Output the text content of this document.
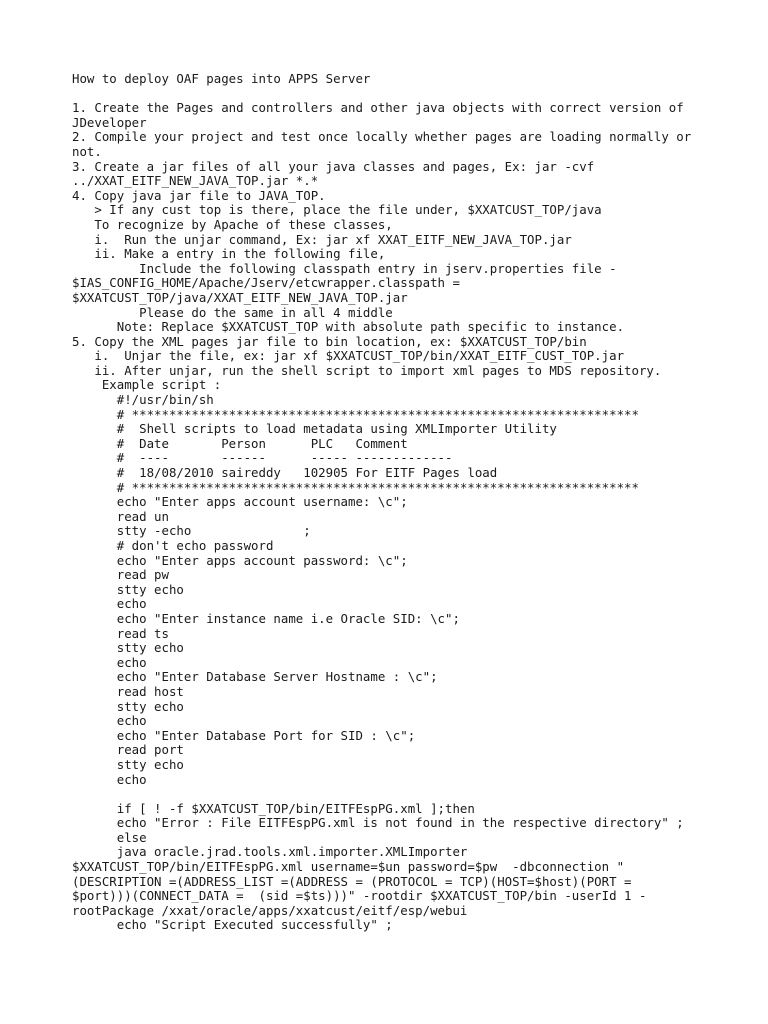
How to deploy OAF pages into APPS Server
1. Create the Pages and controllers and other java objects with correct version of
JDeveloper
2. Compile your project and test once locally whether pages are loading normally or
not.
3. Create a jar files of all your java classes and pages, Ex: jar -cvf
../XXAT_EITF_NEW_JAVA_TOP.jar *.*
4. Copy java jar file to JAVA_TOP.
> If any cust top is there, place the file under, $XXATCUST_TOP/java
To recognize by Apache of these classes,
i.  Run the unjar command, Ex: jar xf XXAT_EITF_NEW_JAVA_TOP.jar
ii. Make a entry in the following file,
Include the following classpath entry in jserv.properties file -
$IAS_CONFIG_HOME/Apache/Jserv/etcwrapper.classpath =
$XXATCUST_TOP/java/XXAT_EITF_NEW_JAVA_TOP.jar
Please do the same in all 4 middle
Note: Replace $XXATCUST_TOP with absolute path specific to instance.
5. Copy the XML pages jar file to bin location, ex: $XXATCUST_TOP/bin
i.  Unjar the file, ex: jar xf $XXATCUST_TOP/bin/XXAT_EITF_CUST_TOP.jar
ii. After unjar, run the shell script to import xml pages to MDS repository.
Example script :
#!/usr/bin/sh
# ********************************************************************
#  Shell scripts to load metadata using XMLImporter Utility
#  Date       Person      PLC   Comment
#  ----       ------      ----- -------------
#  18/08/2010 saireddy   102905 For EITF Pages load
# ********************************************************************
echo "Enter apps account username: \c";
read un
stty -echo               ;
# don't echo password
echo "Enter apps account password: \c";
read pw
stty echo
echo
echo "Enter instance name i.e Oracle SID: \c";
read ts
stty echo
echo
echo "Enter Database Server Hostname : \c";
read host
stty echo
echo
echo "Enter Database Port for SID : \c";
read port
stty echo
echo
if [ ! -f $XXATCUST_TOP/bin/EITFEspPG.xml ];then
echo "Error : File EITFEspPG.xml is not found in the respective directory" ;
else
java oracle.jrad.tools.xml.importer.XMLImporter
$XXATCUST_TOP/bin/EITFEspPG.xml username=$un password=$pw  -dbconnection "
(DESCRIPTION =(ADDRESS_LIST =(ADDRESS = (PROTOCOL = TCP)(HOST=$host)(PORT =
$port)))(CONNECT_DATA =  (sid =$ts)))" -rootdir $XXATCUST_TOP/bin -userId 1 -
rootPackage /xxat/oracle/apps/xxatcust/eitf/esp/webui
echo "Script Executed successfully" ;
